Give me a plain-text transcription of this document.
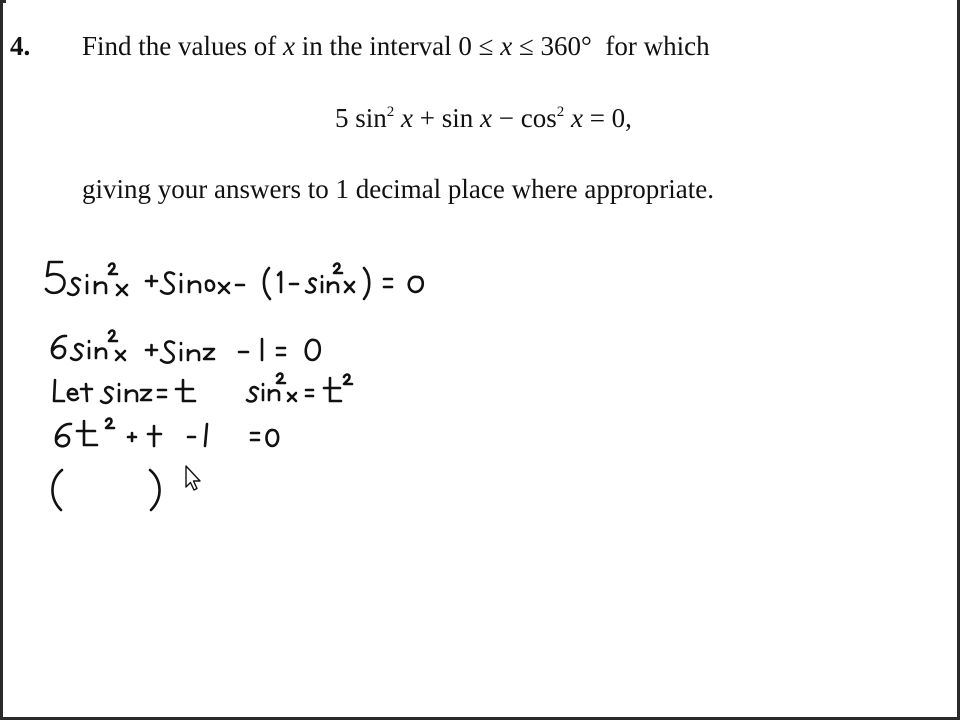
4. Find the values of x in the interval 0 ≤ x ≤ 360° for which
5 $\sin^2 x + \sin x - \cos^2 x = 0$,
giving your answers to 1 decimal place where appropriate.
